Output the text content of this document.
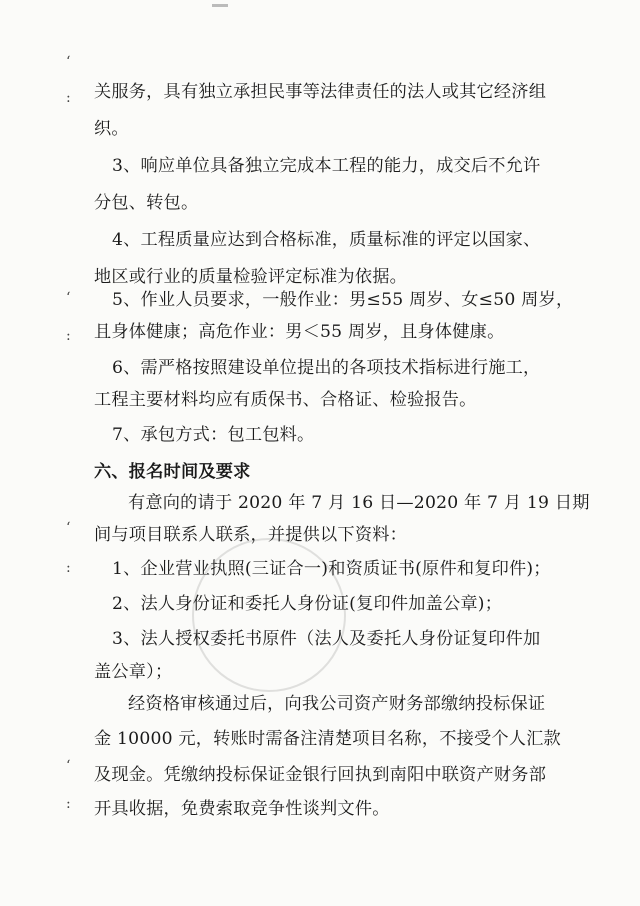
‘
:
‘
:
‘
:
‘
:
关服务，具有独立承担民事等法律责任的法人或其它经济组
织。
3、响应单位具备独立完成本工程的能力，成交后不允许
分包、转包。
4、工程质量应达到合格标准，质量标准的评定以国家、
地区或行业的质量检验评定标准为依据。
5、作业人员要求，一般作业：男≤55 周岁、女≤50 周岁，
且身体健康；高危作业：男＜55 周岁，且身体健康。
6、需严格按照建设单位提出的各项技术指标进行施工，
工程主要材料均应有质保书、合格证、检验报告。
7、承包方式：包工包料。
六、报名时间及要求
有意向的请于 2020 年 7 月 16 日—2020 年 7 月 19 日期
间与项目联系人联系，并提供以下资料：
1、企业营业执照(三证合一)和资质证书(原件和复印件)；
2、法人身份证和委托人身份证(复印件加盖公章)；
3、法人授权委托书原件（法人及委托人身份证复印件加
盖公章）；
经资格审核通过后，向我公司资产财务部缴纳投标保证
金 10000 元，转账时需备注清楚项目名称，不接受个人汇款
及现金。凭缴纳投标保证金银行回执到南阳中联资产财务部
开具收据，免费索取竞争性谈判文件。
